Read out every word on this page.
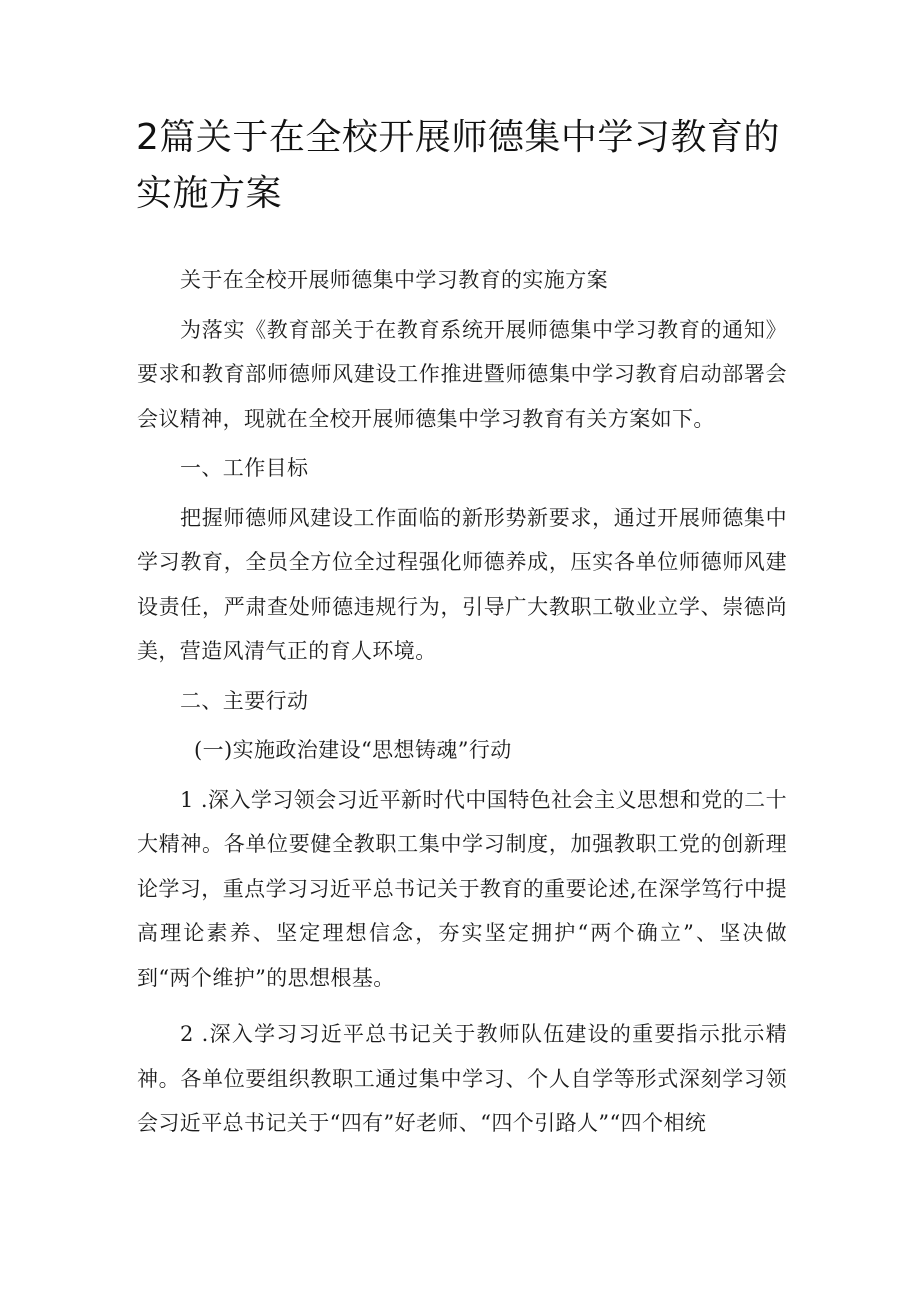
2篇关于在全校开展师德集中学习教育的实施方案

关于在全校开展师德集中学习教育的实施方案

为落实《教育部关于在教育系统开展师德集中学习教育的通知》要求和教育部师德师风建设工作推进暨师德集中学习教育启动部署会会议精神，现就在全校开展师德集中学习教育有关方案如下。

一、工作目标

把握师德师风建设工作面临的新形势新要求，通过开展师德集中学习教育，全员全方位全过程强化师德养成，压实各单位师德师风建设责任，严肃查处师德违规行为，引导广大教职工敬业立学、崇德尚美，营造风清气正的育人环境。

二、主要行动

(一)实施政治建设“思想铸魂”行动

1 .深入学习领会习近平新时代中国特色社会主义思想和党的二十大精神。各单位要健全教职工集中学习制度，加强教职工党的创新理论学习，重点学习习近平总书记关于教育的重要论述,在深学笃行中提高理论素养、坚定理想信念，夯实坚定拥护“两个确立”、坚决做到“两个维护”的思想根基。

2 .深入学习习近平总书记关于教师队伍建设的重要指示批示精神。各单位要组织教职工通过集中学习、个人自学等形式深刻学习领会习近平总书记关于“四有”好老师、“四个引路人”“四个相统
